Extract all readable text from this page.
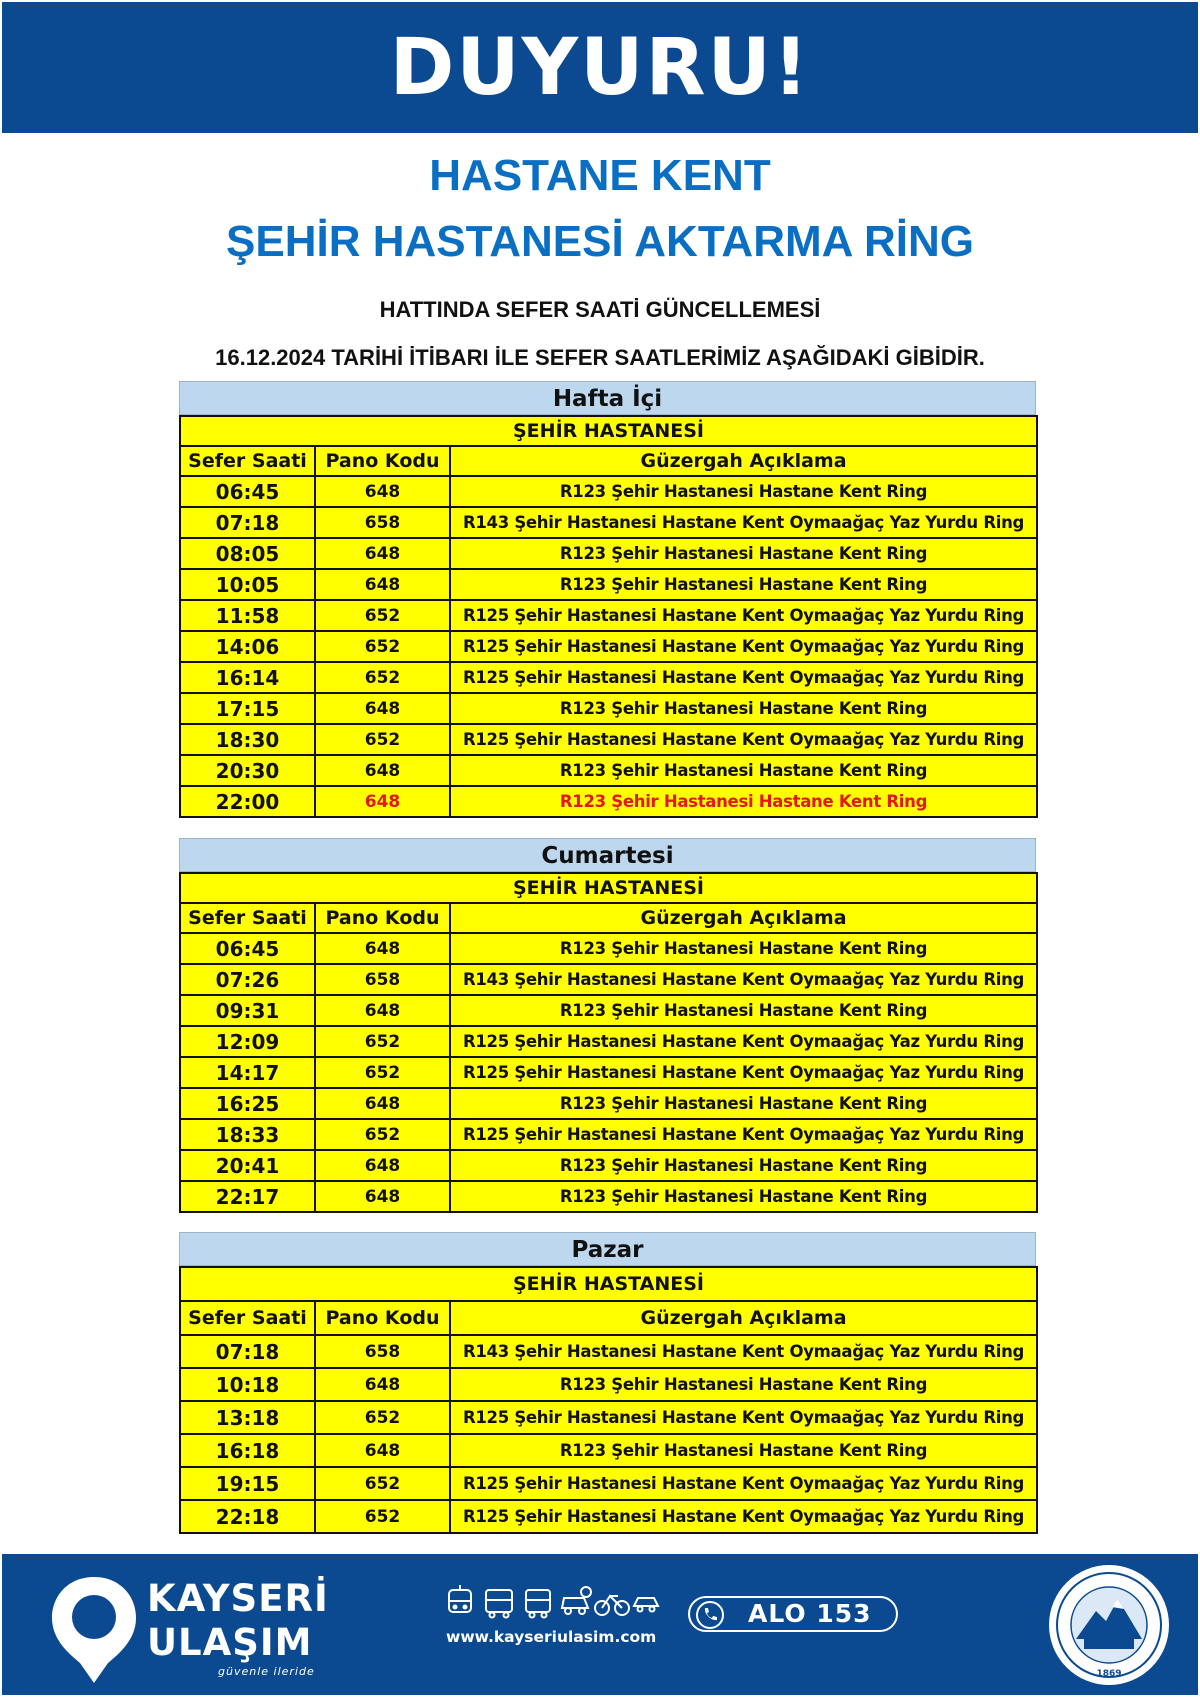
DUYURU!
HASTANE KENT
ŞEHİR HASTANESİ AKTARMA RİNG
HATTINDA SEFER SAATİ GÜNCELLEMESİ
16.12.2024 TARİHİ İTİBARI İLE SEFER SAATLERİMİZ AŞAĞIDAKİ GİBİDİR.
Hafta İçi
ŞEHİR HASTANESİ		
Sefer Saati	Pano Kodu	Güzergah Açıklama
06:45	648	R123 Şehir Hastanesi Hastane Kent Ring
07:18	658	R143 Şehir Hastanesi Hastane Kent Oymaağaç Yaz Yurdu Ring
08:05	648	R123 Şehir Hastanesi Hastane Kent Ring
10:05	648	R123 Şehir Hastanesi Hastane Kent Ring
11:58	652	R125 Şehir Hastanesi Hastane Kent Oymaağaç Yaz Yurdu Ring
14:06	652	R125 Şehir Hastanesi Hastane Kent Oymaağaç Yaz Yurdu Ring
16:14	652	R125 Şehir Hastanesi Hastane Kent Oymaağaç Yaz Yurdu Ring
17:15	648	R123 Şehir Hastanesi Hastane Kent Ring
18:30	652	R125 Şehir Hastanesi Hastane Kent Oymaağaç Yaz Yurdu Ring
20:30	648	R123 Şehir Hastanesi Hastane Kent Ring
22:00	648	R123 Şehir Hastanesi Hastane Kent Ring
Cumartesi
ŞEHİR HASTANESİ		
Sefer Saati	Pano Kodu	Güzergah Açıklama
06:45	648	R123 Şehir Hastanesi Hastane Kent Ring
07:26	658	R143 Şehir Hastanesi Hastane Kent Oymaağaç Yaz Yurdu Ring
09:31	648	R123 Şehir Hastanesi Hastane Kent Ring
12:09	652	R125 Şehir Hastanesi Hastane Kent Oymaağaç Yaz Yurdu Ring
14:17	652	R125 Şehir Hastanesi Hastane Kent Oymaağaç Yaz Yurdu Ring
16:25	648	R123 Şehir Hastanesi Hastane Kent Ring
18:33	652	R125 Şehir Hastanesi Hastane Kent Oymaağaç Yaz Yurdu Ring
20:41	648	R123 Şehir Hastanesi Hastane Kent Ring
22:17	648	R123 Şehir Hastanesi Hastane Kent Ring
Pazar
ŞEHİR HASTANESİ		
Sefer Saati	Pano Kodu	Güzergah Açıklama
07:18	658	R143 Şehir Hastanesi Hastane Kent Oymaağaç Yaz Yurdu Ring
10:18	648	R123 Şehir Hastanesi Hastane Kent Ring
13:18	652	R125 Şehir Hastanesi Hastane Kent Oymaağaç Yaz Yurdu Ring
16:18	648	R123 Şehir Hastanesi Hastane Kent Ring
19:15	652	R125 Şehir Hastanesi Hastane Kent Oymaağaç Yaz Yurdu Ring
22:18	652	R125 Şehir Hastanesi Hastane Kent Oymaağaç Yaz Yurdu Ring
KAYSERİ
ULAŞIM
güvenle ileride
www.kayseriulasim.com
ALO 153
1869
